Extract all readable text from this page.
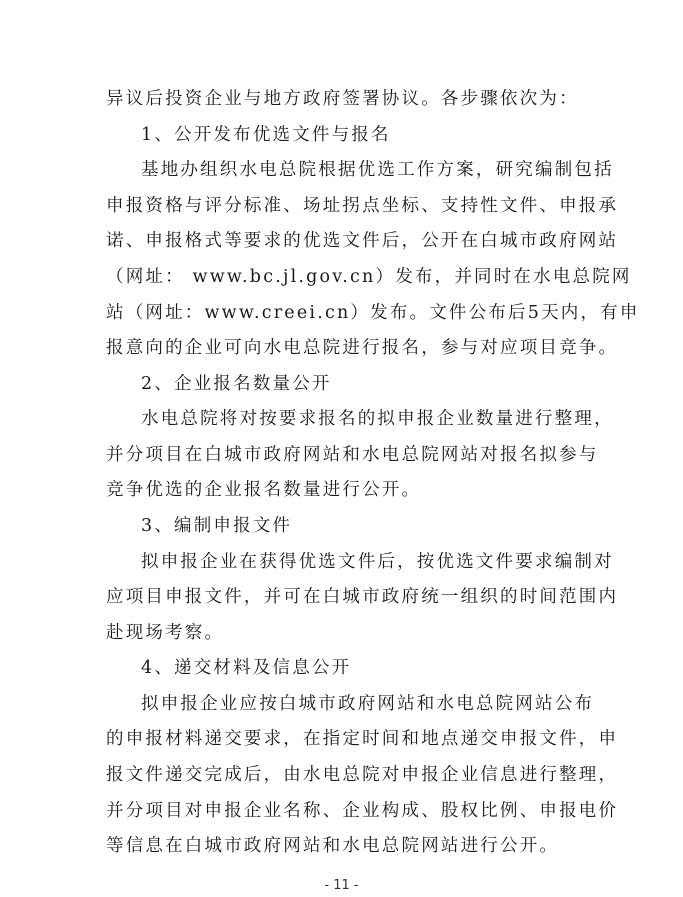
异议后投资企业与地方政府签署协议。各步骤依次为：
1、公开发布优选文件与报名
基地办组织水电总院根据优选工作方案，研究编制包括
申报资格与评分标准、场址拐点坐标、支持性文件、申报承
诺、申报格式等要求的优选文件后，公开在白城市政府网站
（网址： www.bc.jl.gov.cn）发布，并同时在水电总院网
站（网址：www.creei.cn）发布。文件公布后5天内，有申
报意向的企业可向水电总院进行报名，参与对应项目竞争。
2、企业报名数量公开
水电总院将对按要求报名的拟申报企业数量进行整理，
并分项目在白城市政府网站和水电总院网站对报名拟参与
竞争优选的企业报名数量进行公开。
3、编制申报文件
拟申报企业在获得优选文件后，按优选文件要求编制对
应项目申报文件，并可在白城市政府统一组织的时间范围内
赴现场考察。
4、递交材料及信息公开
拟申报企业应按白城市政府网站和水电总院网站公布
的申报材料递交要求，在指定时间和地点递交申报文件，申
报文件递交完成后，由水电总院对申报企业信息进行整理，
并分项目对申报企业名称、企业构成、股权比例、申报电价
等信息在白城市政府网站和水电总院网站进行公开。
- 11 -
